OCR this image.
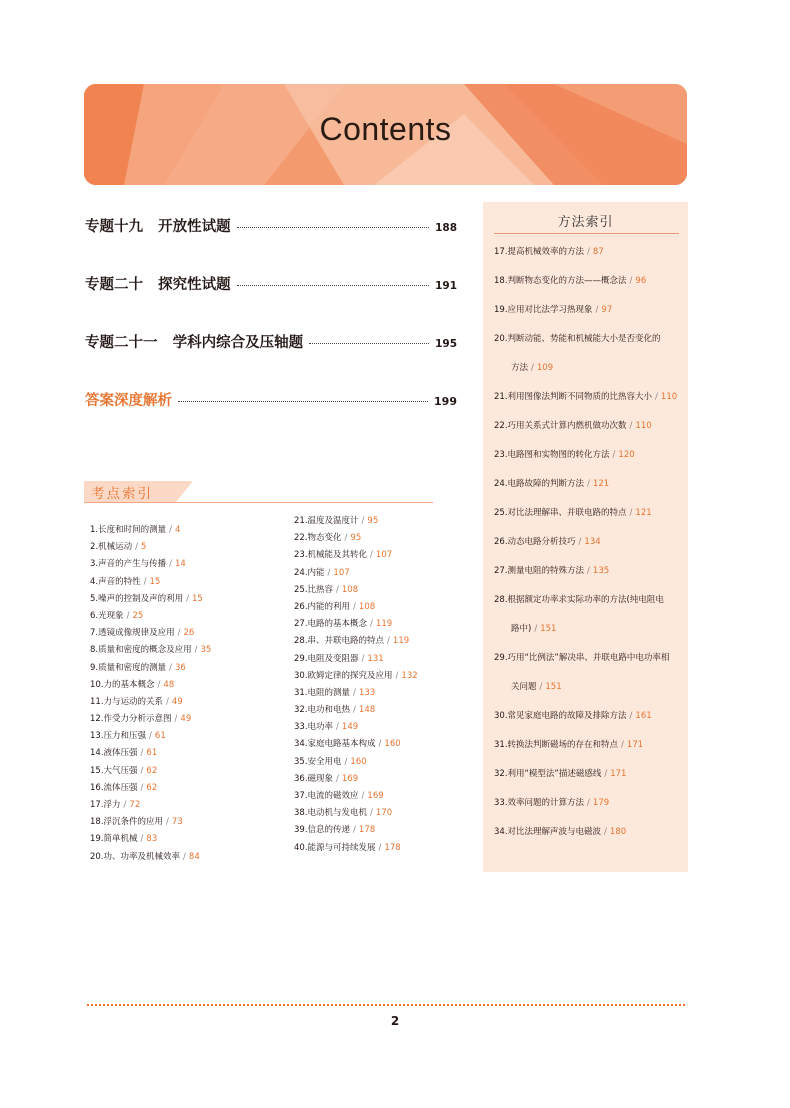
Contents
专题十九   开放性试题	188
专题二十   探究性试题	191
专题二十一   学科内综合及压轴题	195
答案深度解析	199
考点索引
1.长度和时间的测量 / 4
2.机械运动 / 5
3.声音的产生与传播 / 14
4.声音的特性 / 15
5.噪声的控制及声的利用 / 15
6.光现象 / 25
7.透镜成像规律及应用 / 26
8.质量和密度的概念及应用 / 35
9.质量和密度的测量 / 36
10.力的基本概念 / 48
11.力与运动的关系 / 49
12.作受力分析示意图 / 49
13.压力和压强 / 61
14.液体压强 / 61
15.大气压强 / 62
16.流体压强 / 62
17.浮力 / 72
18.浮沉条件的应用 / 73
19.简单机械 / 83
20.功、功率及机械效率 / 84
21.温度及温度计 / 95
22.物态变化 / 95
23.机械能及其转化 / 107
24.内能 / 107
25.比热容 / 108
26.内能的利用 / 108
27.电路的基本概念 / 119
28.串、并联电路的特点 / 119
29.电阻及变阻器 / 131
30.欧姆定律的探究及应用 / 132
31.电阻的测量 / 133
32.电功和电热 / 148
33.电功率 / 149
34.家庭电路基本构成 / 160
35.安全用电 / 160
36.磁现象 / 169
37.电流的磁效应 / 169
38.电动机与发电机 / 170
39.信息的传递 / 178
40.能源与可持续发展 / 178
方法索引
17.提高机械效率的方法 / 87
18.判断物态变化的方法——概念法 / 96
19.应用对比法学习热现象 / 97
20.判断动能、势能和机械能大小是否变化的
方法 / 109
21.利用图像法判断不同物质的比热容大小 / 110
22.巧用关系式计算内燃机做功次数 / 110
23.电路图和实物图的转化方法 / 120
24.电路故障的判断方法 / 121
25.对比法理解串、并联电路的特点 / 121
26.动态电路分析技巧 / 134
27.测量电阻的特殊方法 / 135
28.根据额定功率求实际功率的方法(纯电阻电
路中) / 151
29.巧用“比例法”解决串、并联电路中电功率相
关问题 / 151
30.常见家庭电路的故障及排除方法 / 161
31.转换法判断磁场的存在和特点 / 171
32.利用“模型法”描述磁感线 / 171
33.效率问题的计算方法 / 179
34.对比法理解声波与电磁波 / 180
2
